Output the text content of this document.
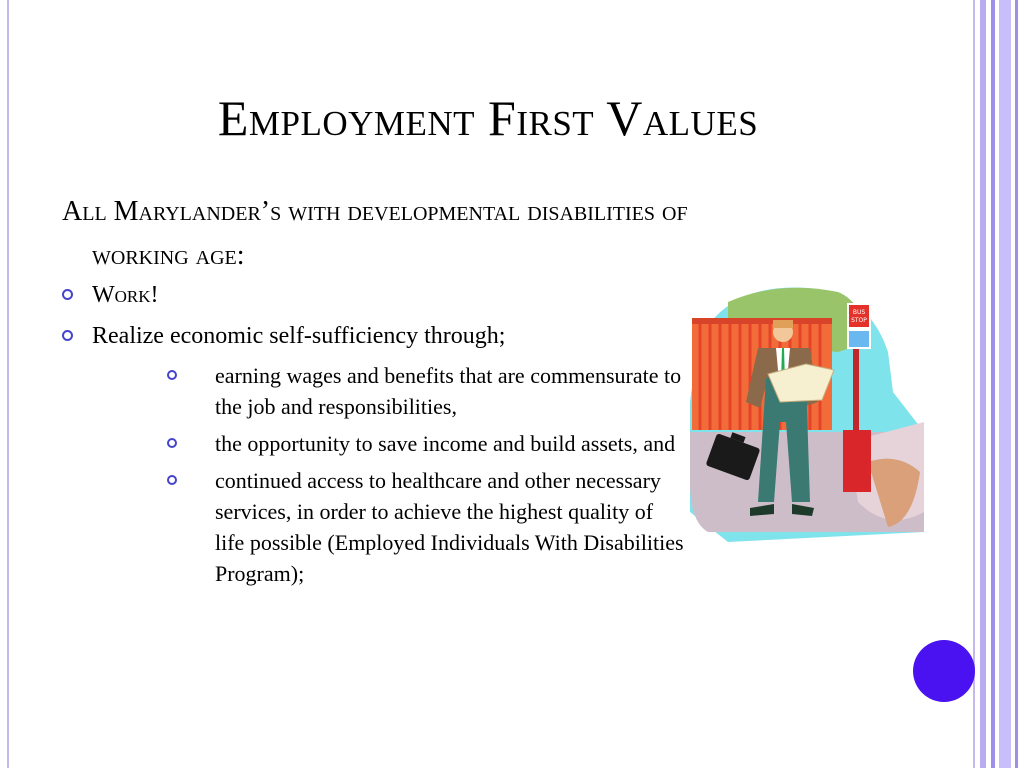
Employment First Values

All Marylander’s with developmental disabilities of working age:

Work!
Realize economic self-sufficiency through;
earning wages and benefits that are commensurate to the job and responsibilities,
the opportunity to save income and build assets, and
continued access to healthcare and other necessary services, in order to achieve the highest quality of life possible (Employed Individuals With Disabilities Program);
BUS
STOP
